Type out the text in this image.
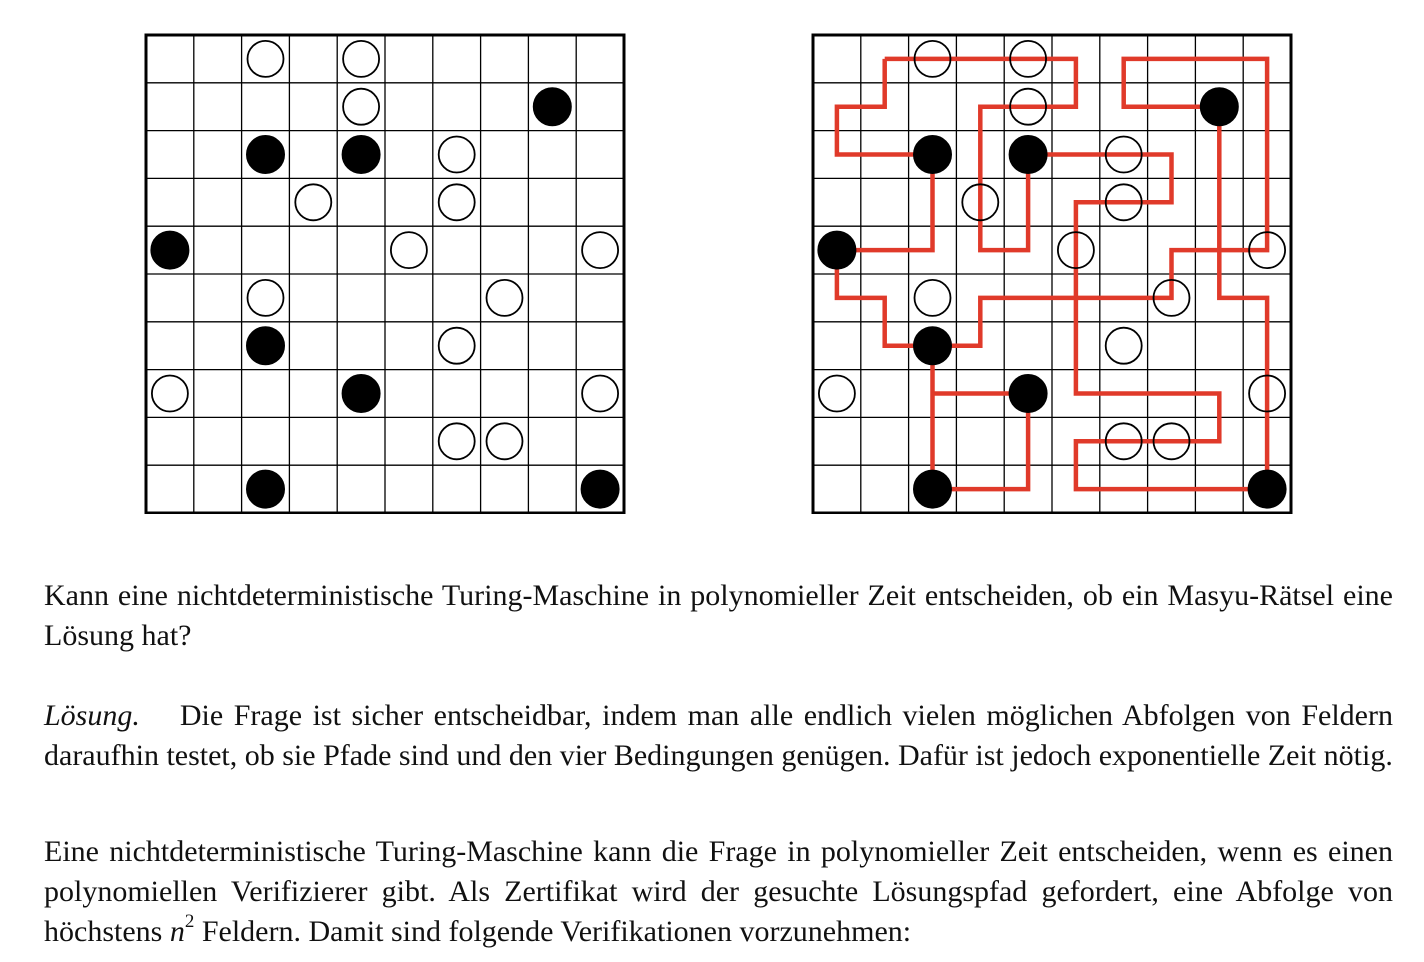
Kann eine nichtdeterministische Turing-Maschine in polynomieller Zeit entscheiden, ob ein Masyu-Rätsel eine Lösung hat?

Lösung. Die Frage ist sicher entscheidbar, indem man alle endlich vielen möglichen Abfolgen von Feldern daraufhin testet, ob sie Pfade sind und den vier Bedingungen genügen. Dafür ist jedoch exponentielle Zeit nötig.

Eine nichtdeterministische Turing-Maschine kann die Frage in polynomieller Zeit entscheiden, wenn es einen polynomiellen Verifizierer gibt. Als Zertifikat wird der gesuchte Lösungspfad gefordert, eine Abfolge von höchstens $n^2$ Feldern. Damit sind folgende Verifikationen vorzunehmen:
